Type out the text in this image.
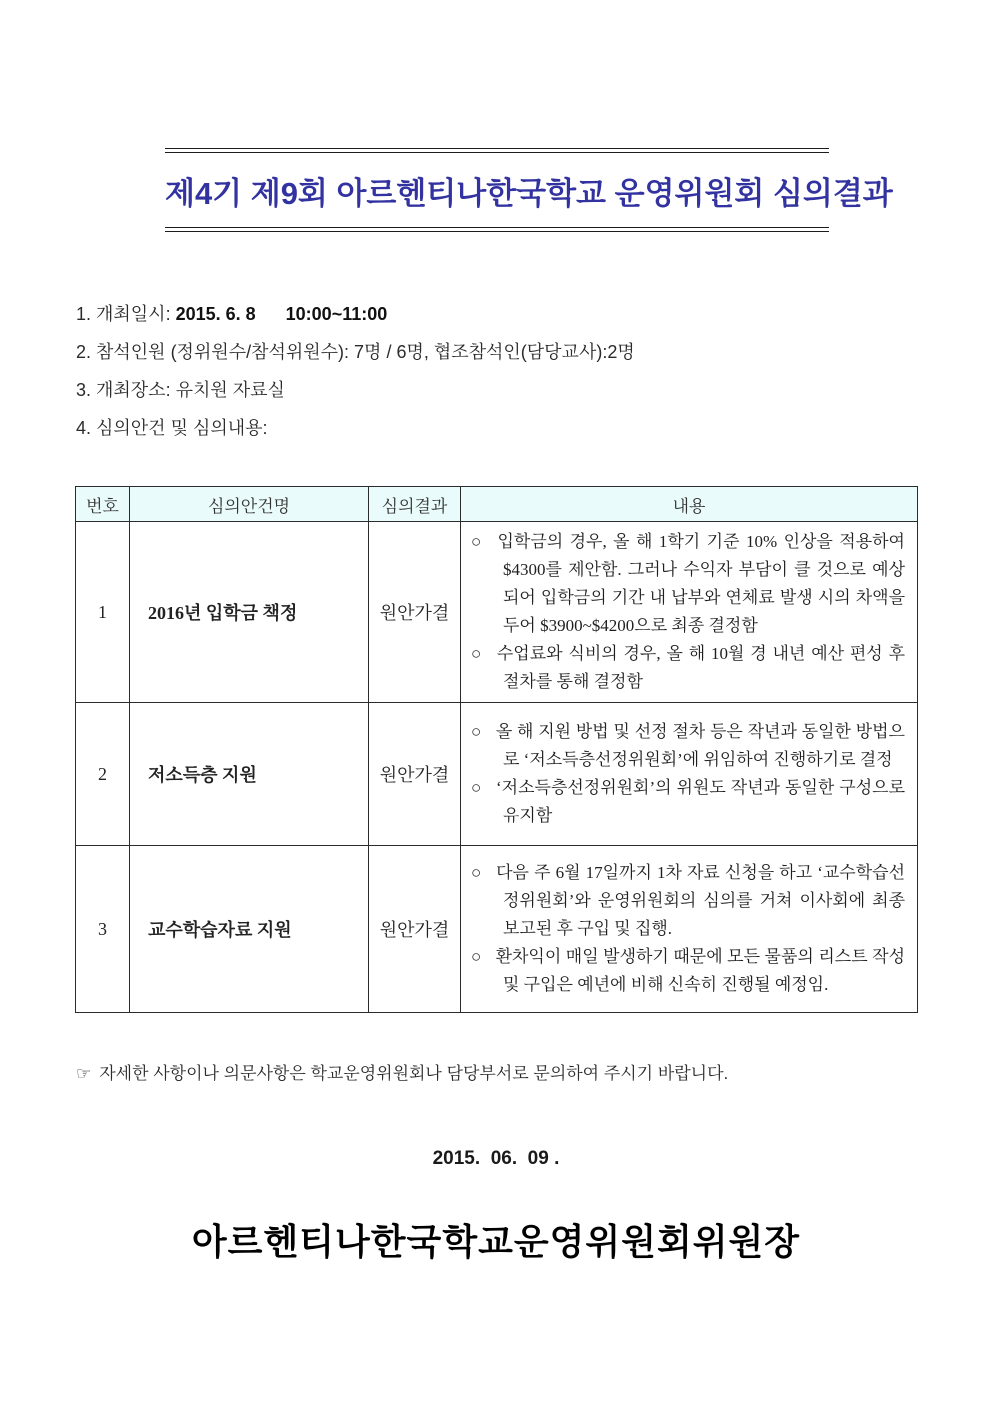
제4기 제9회 아르헨티나한국학교 운영위원회 심의결과
1. 개최일시: 2015. 6. 8      10:00~11:00
2. 참석인원 (정위원수/참석위원수): 7명 / 6명, 협조참석인(담당교사):2명
3. 개최장소: 유치원 자료실
4. 심의안건 및 심의내용:
번호	심의안건명	심의결과	내용
1	2016년 입학금 책정	원안가결	○ 입학금의 경우, 올 해 1학기 기준 10% 인상을 적용하여 $4300를 제안함. 그러나 수익자 부담이 클 것으로 예상되어 입학금의 기간 내 납부와 연체료 발생 시의 차액을 두어 $3900~$4200으로 최종 결정함
○ 수업료와 식비의 경우, 올 해 10월 경 내년 예산 편성 후 절차를 통해 결정함

2	저소득층 지원	원안가결	○ 올 해 지원 방법 및 선정 절차 등은 작년과 동일한 방법으로 ‘저소득층선정위원회’에 위임하여 진행하기로 결정
○ ‘저소득층선정위원회’의 위원도 작년과 동일한 구성으로 유지함

3	교수학습자료 지원	원안가결	○ 다음 주 6월 17일까지 1차 자료 신청을 하고 ‘교수학습선정위원회’와 운영위원회의 심의를 거쳐 이사회에 최종 보고된 후 구입 및 집행.
○ 환차익이 매일 발생하기 때문에 모든 물품의 리스트 작성 및 구입은 예년에 비해 신속히 진행될 예정임.

☞ 자세한 사항이나 의문사항은 학교운영위원회나 담당부서로 문의하여 주시기 바랍니다.

2015.  06.  09 .

아르헨티나한국학교운영위원회위원장
